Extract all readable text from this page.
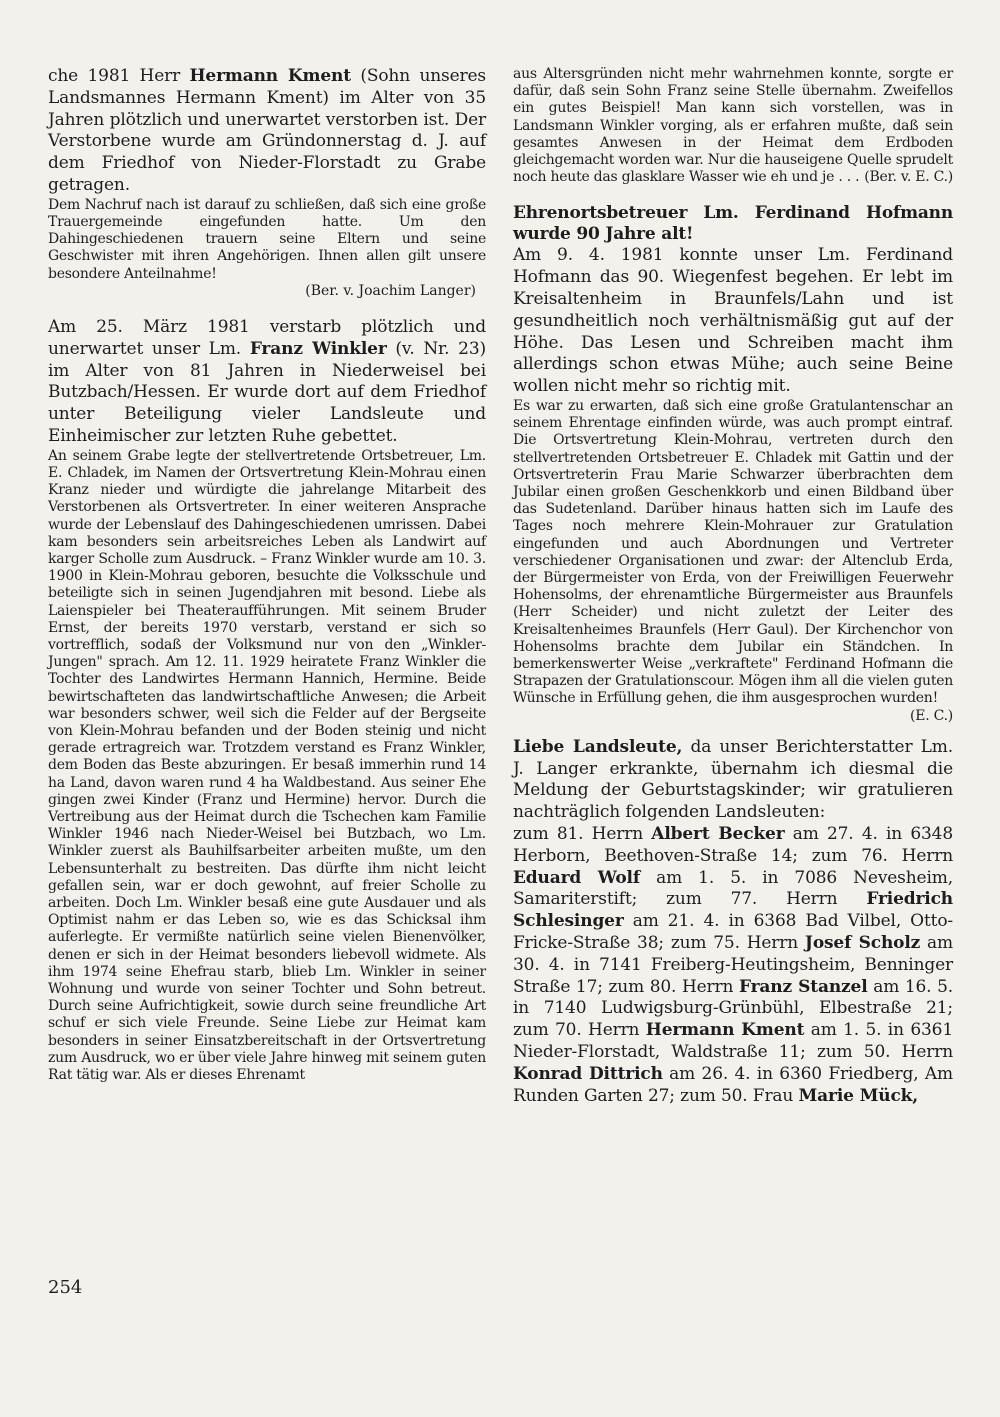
che 1981 Herr Hermann Kment (Sohn unseres Landsmannes Hermann Kment) im Alter von 35 Jahren plötzlich und unerwartet verstorben ist. Der Verstorbene wurde am Gründonnerstag d. J. auf dem Friedhof von Nieder-Florstadt zu Grabe getragen.

Dem Nachruf nach ist darauf zu schließen, daß sich eine große Trauergemeinde eingefunden hatte. Um den Dahingeschiedenen trauern seine Eltern und seine Geschwister mit ihren Angehörigen. Ihnen allen gilt unsere besondere Anteilnahme!

(Ber. v. Joachim Langer)

Am 25. März 1981 verstarb plötzlich und unerwartet unser Lm. Franz Winkler (v. Nr. 23) im Alter von 81 Jahren in Niederweisel bei Butzbach/Hessen. Er wurde dort auf dem Friedhof unter Beteiligung vieler Landsleute und Einheimischer zur letzten Ruhe gebettet.

An seinem Grabe legte der stellvertretende Ortsbetreuer, Lm. E. Chladek, im Namen der Ortsvertretung Klein-Mohrau einen Kranz nieder und würdigte die jahrelange Mitarbeit des Verstorbenen als Ortsvertreter. In einer weiteren Ansprache wurde der Lebenslauf des Dahingeschiedenen umrissen. Dabei kam besonders sein arbeitsreiches Leben als Landwirt auf karger Scholle zum Ausdruck. – Franz Winkler wurde am 10. 3. 1900 in Klein-Mohrau geboren, besuchte die Volksschule und beteiligte sich in seinen Jugendjahren mit besond. Liebe als Laienspieler bei Theateraufführungen. Mit seinem Bruder Ernst, der bereits 1970 verstarb, verstand er sich so vortrefflich, sodaß der Volksmund nur von den „Winkler-Jungen" sprach. Am 12. 11. 1929 heiratete Franz Winkler die Tochter des Landwirtes Hermann Hannich, Hermine. Beide bewirtschafteten das landwirtschaftliche Anwesen; die Arbeit war besonders schwer, weil sich die Felder auf der Bergseite von Klein-Mohrau befanden und der Boden steinig und nicht gerade ertragreich war. Trotzdem verstand es Franz Winkler, dem Boden das Beste abzuringen. Er besaß immerhin rund 14 ha Land, davon waren rund 4 ha Waldbestand. Aus seiner Ehe gingen zwei Kinder (Franz und Hermine) hervor. Durch die Vertreibung aus der Heimat durch die Tschechen kam Familie Winkler 1946 nach Nieder-Weisel bei Butzbach, wo Lm. Winkler zuerst als Bauhilfsarbeiter arbeiten mußte, um den Lebensunterhalt zu bestreiten. Das dürfte ihm nicht leicht gefallen sein, war er doch gewohnt, auf freier Scholle zu arbeiten. Doch Lm. Winkler besaß eine gute Ausdauer und als Optimist nahm er das Leben so, wie es das Schicksal ihm auferlegte. Er vermißte natürlich seine vielen Bienenvölker, denen er sich in der Heimat besonders liebevoll widmete. Als ihm 1974 seine Ehefrau starb, blieb Lm. Winkler in seiner Wohnung und wurde von seiner Tochter und Sohn betreut. Durch seine Aufrichtigkeit, sowie durch seine freundliche Art schuf er sich viele Freunde. Seine Liebe zur Heimat kam besonders in seiner Einsatzbereitschaft in der Ortsvertretung zum Ausdruck, wo er über viele Jahre hinweg mit seinem guten Rat tätig war. Als er dieses Ehrenamt

aus Altersgründen nicht mehr wahrnehmen konnte, sorgte er dafür, daß sein Sohn Franz seine Stelle übernahm. Zweifellos ein gutes Beispiel! Man kann sich vorstellen, was in Landsmann Winkler vorging, als er erfahren mußte, daß sein gesamtes Anwesen in der Heimat dem Erdboden gleichgemacht worden war. Nur die hauseigene Quelle sprudelt noch heute das glasklare Wasser wie eh und je . . . (Ber. v. E. C.)

Ehrenortsbetreuer Lm. Ferdinand Hofmann wurde 90 Jahre alt!

Am 9. 4. 1981 konnte unser Lm. Ferdinand Hofmann das 90. Wiegenfest begehen. Er lebt im Kreisaltenheim in Braunfels/Lahn und ist gesundheitlich noch verhältnismäßig gut auf der Höhe. Das Lesen und Schreiben macht ihm allerdings schon etwas Mühe; auch seine Beine wollen nicht mehr so richtig mit.

Es war zu erwarten, daß sich eine große Gratulantenschar an seinem Ehrentage einfinden würde, was auch prompt eintraf. Die Ortsvertretung Klein-Mohrau, vertreten durch den stellvertretenden Ortsbetreuer E. Chladek mit Gattin und der Ortsvertreterin Frau Marie Schwarzer überbrachten dem Jubilar einen großen Geschenkkorb und einen Bildband über das Sudetenland. Darüber hinaus hatten sich im Laufe des Tages noch mehrere Klein-Mohrauer zur Gratulation eingefunden und auch Abordnungen und Vertreter verschiedener Organisationen und zwar: der Altenclub Erda, der Bürgermeister von Erda, von der Freiwilligen Feuerwehr Hohensolms, der ehrenamtliche Bürgermeister aus Braunfels (Herr Scheider) und nicht zuletzt der Leiter des Kreisaltenheimes Braunfels (Herr Gaul). Der Kirchenchor von Hohensolms brachte dem Jubilar ein Ständchen. In bemerkenswerter Weise „verkraftete" Ferdinand Hofmann die Strapazen der Gratulationscour. Mögen ihm all die vielen guten Wünsche in Erfüllung gehen, die ihm ausgesprochen wurden!
(E. C.)

Liebe Landsleute, da unser Berichterstatter Lm. J. Langer erkrankte, übernahm ich diesmal die Meldung der Geburtstagskinder; wir gratulieren nachträglich folgenden Landsleuten:

zum 81. Herrn Albert Becker am 27. 4. in 6348 Herborn, Beethoven-Straße 14; zum 76. Herrn Eduard Wolf am 1. 5. in 7086 Nevesheim, Samariterstift; zum 77. Herrn Friedrich Schlesinger am 21. 4. in 6368 Bad Vilbel, Otto-Fricke-Straße 38; zum 75. Herrn Josef Scholz am 30. 4. in 7141 Freiberg-Heutingsheim, Benninger Straße 17; zum 80. Herrn Franz Stanzel am 16. 5. in 7140 Ludwigsburg-Grünbühl, Elbestraße 21; zum 70. Herrn Hermann Kment am 1. 5. in 6361 Nieder-Florstadt, Waldstraße 11; zum 50. Herrn Konrad Dittrich am 26. 4. in 6360 Friedberg, Am Runden Garten 27; zum 50. Frau Marie Mück,

254
